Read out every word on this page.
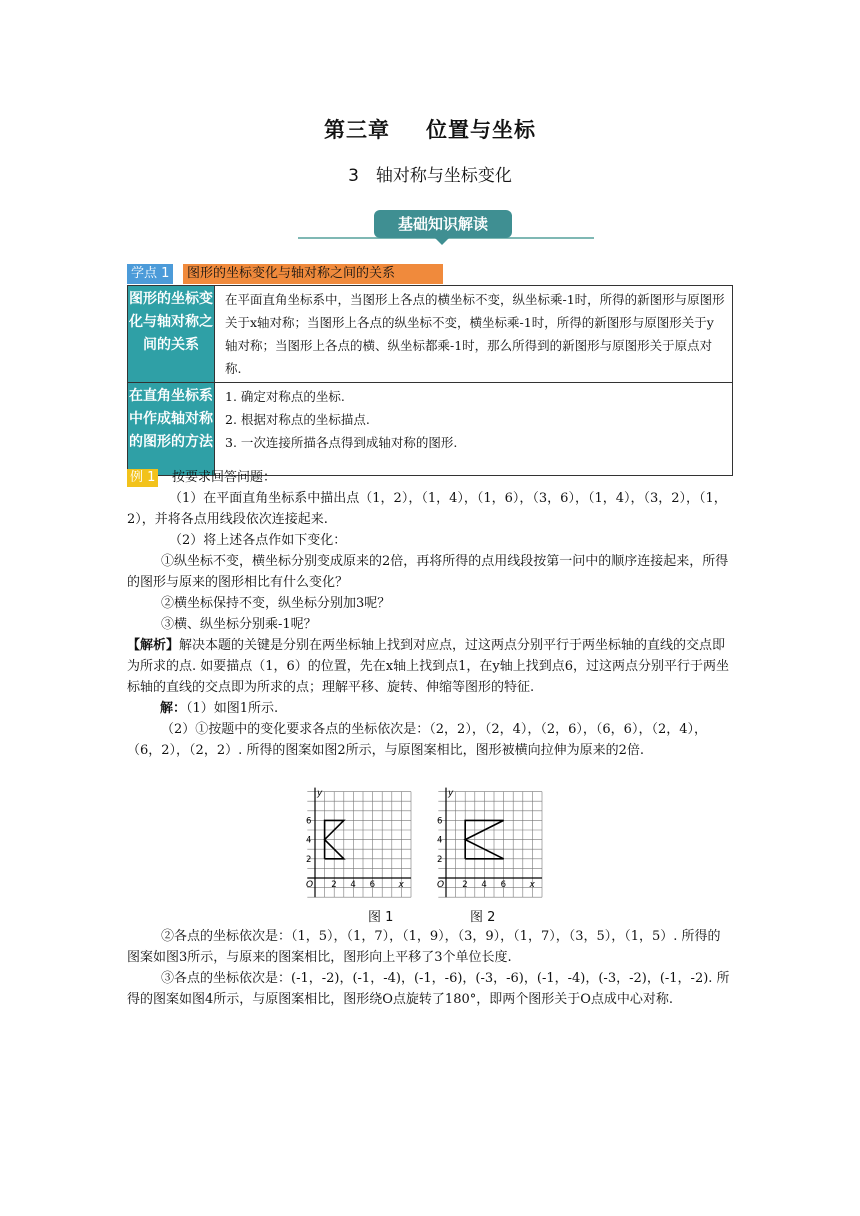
第三章 位置与坐标
3　轴对称与坐标变化
基础知识解读
学点 1	图形的坐标变化与轴对称之间的关系
图形的坐标变化与轴对称之间的关系	在平面直角坐标系中，当图形上各点的横坐标不变，纵坐标乘-1时，所得的新图形与原图形关于x轴对称；当图形上各点的纵坐标不变，横坐标乘-1时，所得的新图形与原图形关于y轴对称；当图形上各点的横、纵坐标都乘-1时，那么所得到的新图形与原图形关于原点对称.
在直角坐标系中作成轴对称的图形的方法	1. 确定对称点的坐标.
2. 根据对称点的坐标描点.
3. 一次连接所描各点得到成轴对称的图形.
例 1 按要求回答问题：
（1）在平面直角坐标系中描出点（1，2），（1，4），（1，6），（3，6），（1，4），（3，2），（1，2），并将各点用线段依次连接起来.
（2）将上述各点作如下变化：
①纵坐标不变，横坐标分别变成原来的2倍，再将所得的点用线段按第一问中的顺序连接起来，所得的图形与原来的图形相比有什么变化？
②横坐标保持不变，纵坐标分别加3呢？
③横、纵坐标分别乘-1呢？
【解析】解决本题的关键是分别在两坐标轴上找到对应点，过这两点分别平行于两坐标轴的直线的交点即为所求的点. 如要描点（1，6）的位置，先在x轴上找到点1，在y轴上找到点6，过这两点分别平行于两坐标轴的直线的交点即为所求的点；理解平移、旋转、伸缩等图形的特征.
解：（1）如图1所示.
（2）①按题中的变化要求各点的坐标依次是：（2，2），（2，4），（2，6），（6，6），（2，4），（6，2），（2，2）. 所得的图案如图2所示，与原图案相比，图形被横向拉伸为原来的2倍.
y
x
O 2
2
4
4
6
6
y
x
O 2
2
4
4
6
6
图 1	图 2
②各点的坐标依次是：（1，5），（1，7），（1，9），（3，9），（1，7），（3，5），（1，5）. 所得的图案如图3所示，与原来的图案相比，图形向上平移了3个单位长度.
③各点的坐标依次是：(-1，-2)，(-1，-4)，(-1，-6)，(-3，-6)，(-1，-4)，(-3，-2)，(-1，-2). 所得的图案如图4所示，与原图案相比，图形绕O点旋转了180°，即两个图形关于O点成中心对称.
